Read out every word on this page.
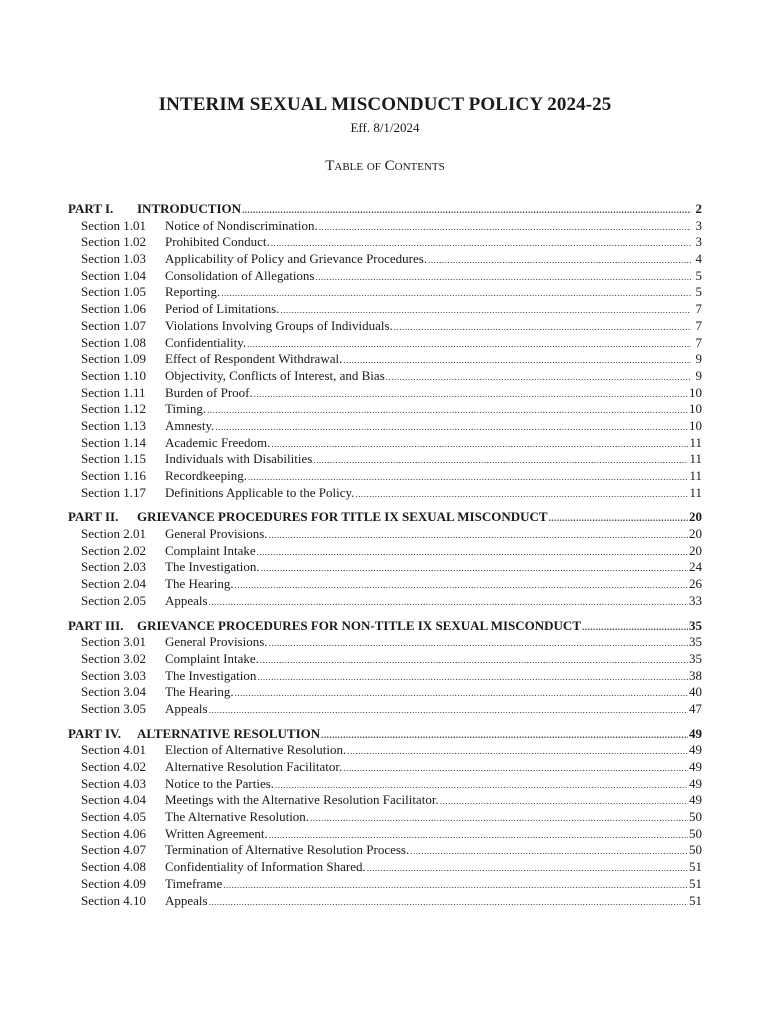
INTERIM SEXUAL MISCONDUCT POLICY 2024-25
Eff. 8/1/2024
Table of Contents
PART I.	INTRODUCTION .....	2
Section 1.01	Notice of Nondiscrimination. .....	3
Section 1.02	Prohibited Conduct. .....	3
Section 1.03	Applicability of Policy and Grievance Procedures. .....	4
Section 1.04	Consolidation of Allegations .....	5
Section 1.05	Reporting. .....	5
Section 1.06	Period of Limitations. .....	7
Section 1.07	Violations Involving Groups of Individuals. .....	7
Section 1.08	Confidentiality. .....	7
Section 1.09	Effect of Respondent Withdrawal. .....	9
Section 1.10	Objectivity, Conflicts of Interest, and Bias .....	9
Section 1.11	Burden of Proof. .....	10
Section 1.12	Timing. .....	10
Section 1.13	Amnesty. .....	10
Section 1.14	Academic Freedom. .....	11
Section 1.15	Individuals with Disabilities .....	11
Section 1.16	Recordkeeping. .....	11
Section 1.17	Definitions Applicable to the Policy. .....	11
PART II.	GRIEVANCE PROCEDURES FOR TITLE IX SEXUAL MISCONDUCT .....	20
Section 2.01	General Provisions. .....	20
Section 2.02	Complaint Intake .....	20
Section 2.03	The Investigation. .....	24
Section 2.04	The Hearing. .....	26
Section 2.05	Appeals .....	33
PART III.	GRIEVANCE PROCEDURES FOR NON-TITLE IX SEXUAL MISCONDUCT .....	35
Section 3.01	General Provisions. .....	35
Section 3.02	Complaint Intake. .....	35
Section 3.03	The Investigation .....	38
Section 3.04	The Hearing. .....	40
Section 3.05	Appeals .....	47
PART IV.	ALTERNATIVE RESOLUTION .....	49
Section 4.01	Election of Alternative Resolution. .....	49
Section 4.02	Alternative Resolution Facilitator. .....	49
Section 4.03	Notice to the Parties. .....	49
Section 4.04	Meetings with the Alternative Resolution Facilitator. .....	49
Section 4.05	The Alternative Resolution. .....	50
Section 4.06	Written Agreement. .....	50
Section 4.07	Termination of Alternative Resolution Process. .....	50
Section 4.08	Confidentiality of Information Shared. .....	51
Section 4.09	Timeframe .....	51
Section 4.10	Appeals .....	51
